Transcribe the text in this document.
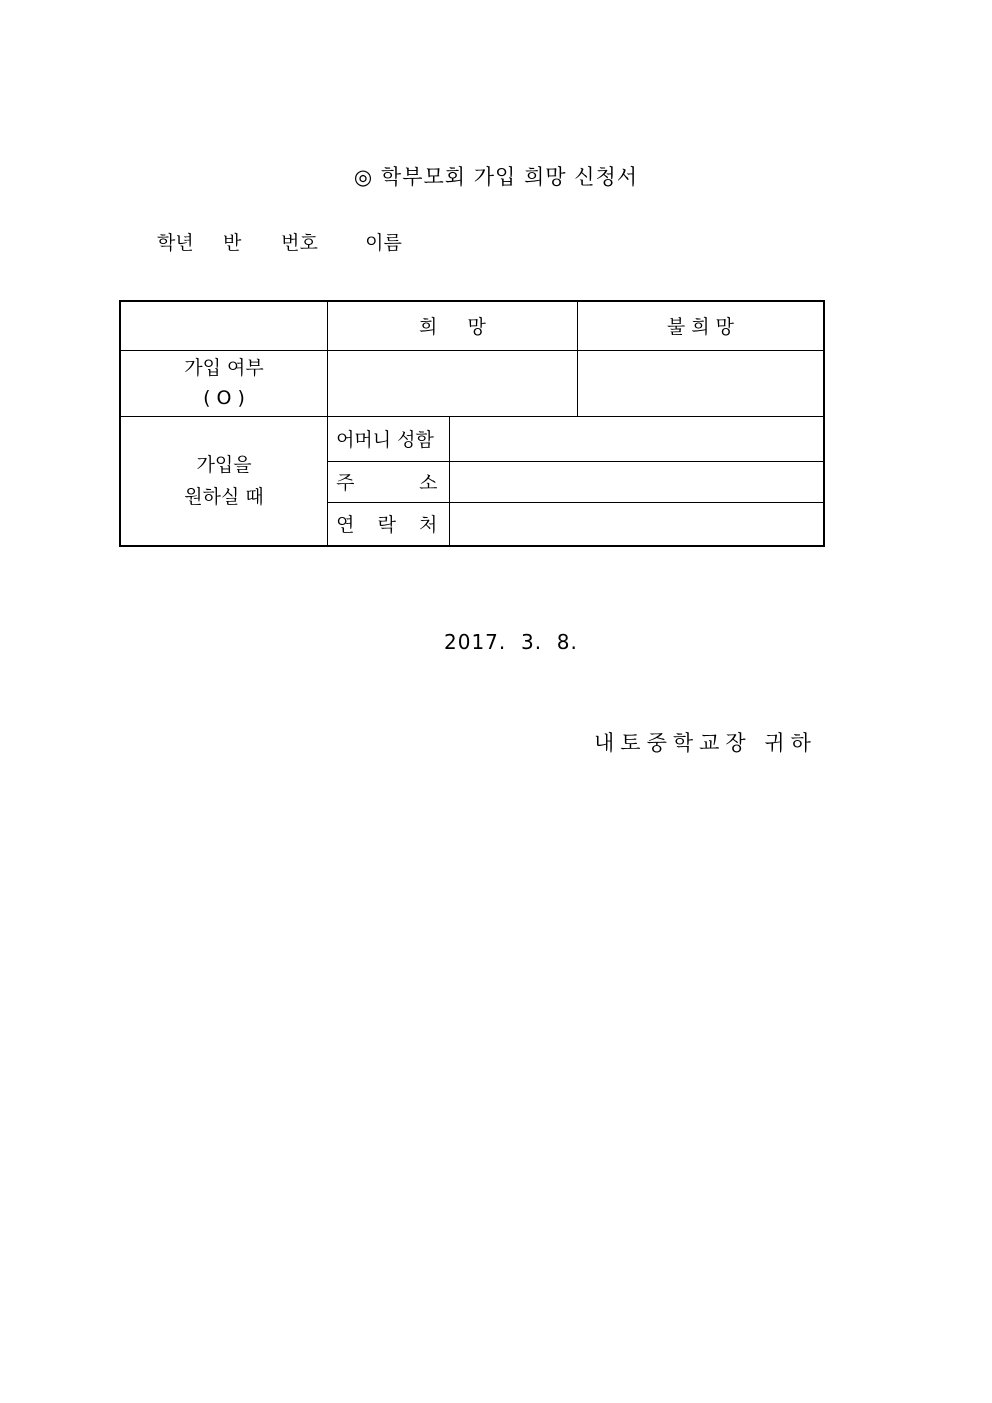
◎ 학부모회 가입 희망 신청서
학년 반 번호 이름
	희     망		불 희 망

가입 여부
( O )			

가입을
원하실 때	어머니 성함		

	주 소		

	연 락 처		

2017.  3.  8.
내토중학교장 귀하
